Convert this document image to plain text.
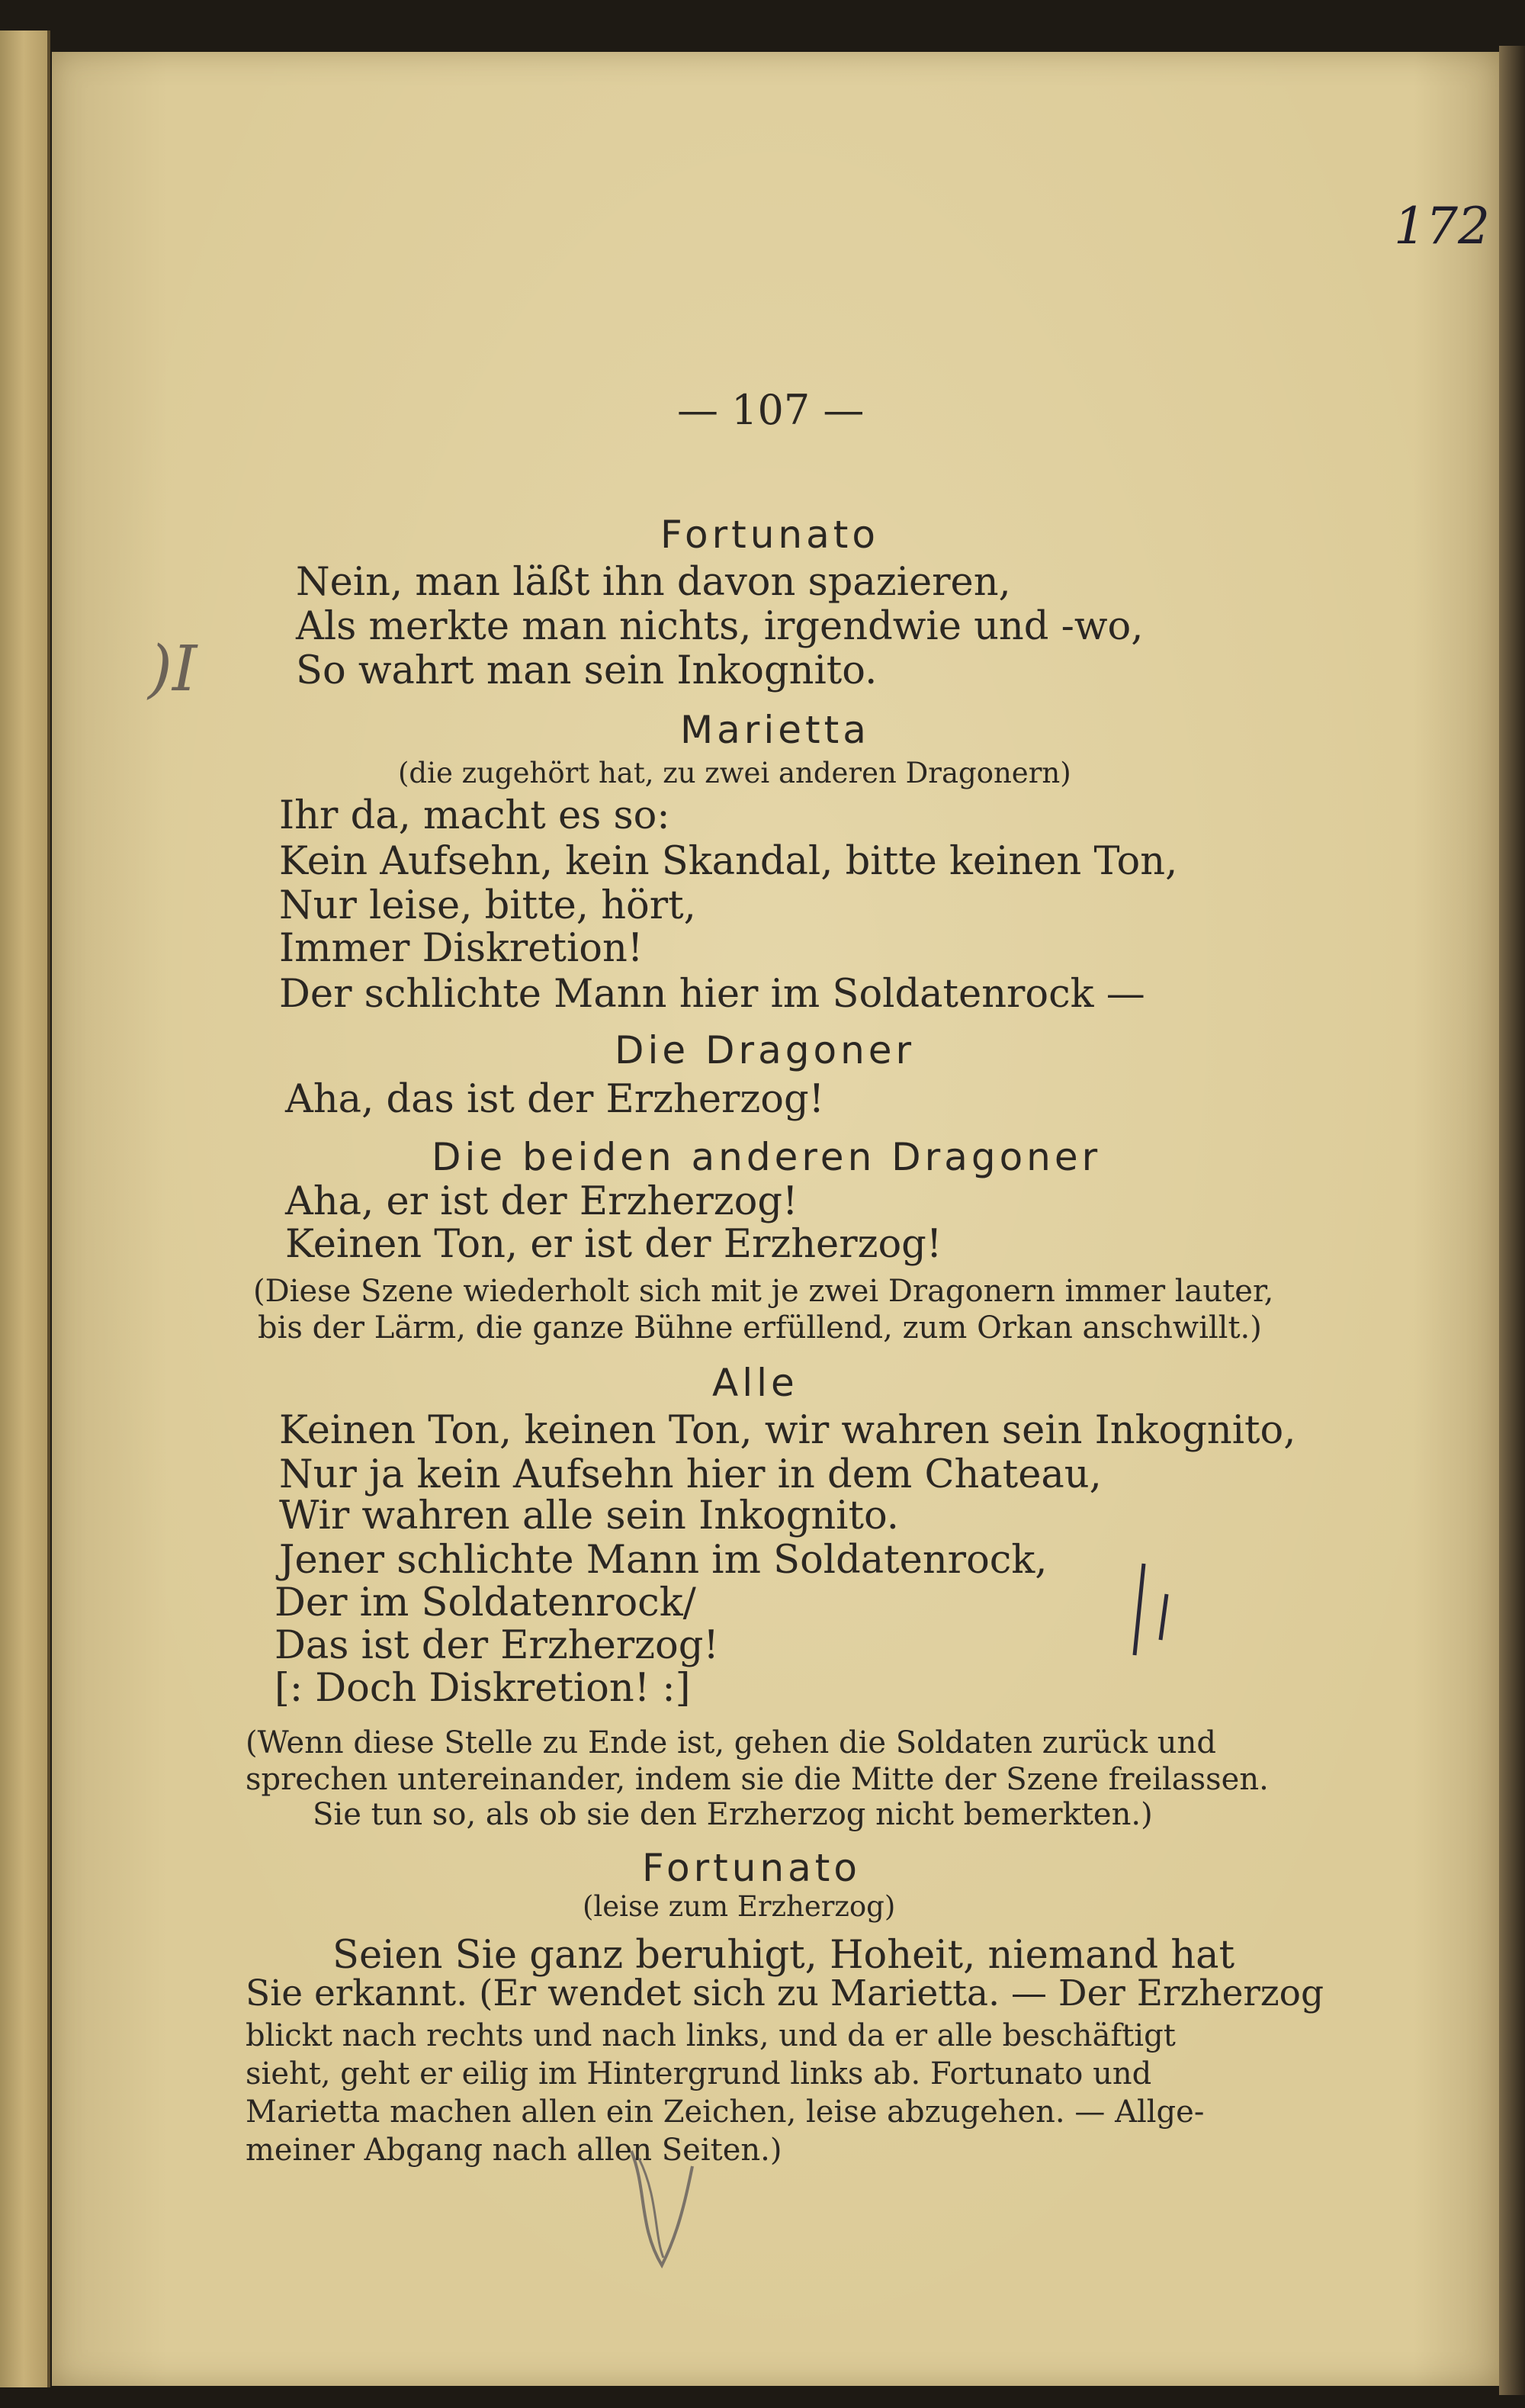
172
— 107 —
)I
Fortunato
Nein, man läßt ihn davon spazieren,
Als merkte man nichts, irgendwie und -wo,
So wahrt man sein Inkognito.
Marietta
(die zugehört hat, zu zwei anderen Dragonern)
Ihr da, macht es so:
Kein Aufsehn, kein Skandal, bitte keinen Ton,
Nur leise, bitte, hört,
Immer Diskretion!
Der schlichte Mann hier im Soldatenrock —
Die Dragoner
Aha, das ist der Erzherzog!
Die beiden anderen Dragoner
Aha, er ist der Erzherzog!
Keinen Ton, er ist der Erzherzog!
(Diese Szene wiederholt sich mit je zwei Dragonern immer lauter,
bis der Lärm, die ganze Bühne erfüllend, zum Orkan anschwillt.)
Alle
Keinen Ton, keinen Ton, wir wahren sein Inkognito,
Nur ja kein Aufsehn hier in dem Chateau,
Wir wahren alle sein Inkognito.
Jener schlichte Mann im Soldatenrock,
Der im Soldatenrock/
Das ist der Erzherzog!
[: Doch Diskretion! :]
(Wenn diese Stelle zu Ende ist, gehen die Soldaten zurück und
sprechen untereinander, indem sie die Mitte der Szene freilassen.
Sie tun so, als ob sie den Erzherzog nicht bemerkten.)
Fortunato
(leise zum Erzherzog)
Seien Sie ganz beruhigt, Hoheit, niemand hat
Sie erkannt. (Er wendet sich zu Marietta. — Der Erzherzog
blickt nach rechts und nach links, und da er alle beschäftigt
sieht, geht er eilig im Hintergrund links ab. Fortunato und
Marietta machen allen ein Zeichen, leise abzugehen. — Allge-
meiner Abgang nach allen Seiten.)
